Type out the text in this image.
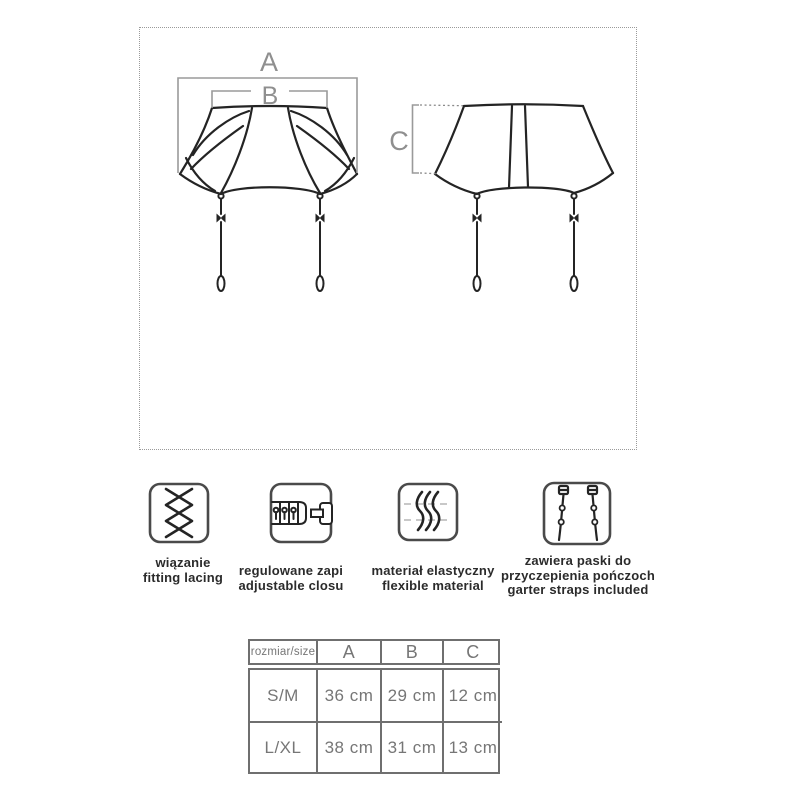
A
B
C
wiązanie
fitting lacing	regulowane zapi
adjustable closu
materiał elastyczny
flexible material
zawiera paski do
przyczepienia pończoch
garter straps included
rozmiar/size	A	B	C
S/M	36 cm 29 cm 12 cm
L/XL	38 cm 31 cm 13 cm
